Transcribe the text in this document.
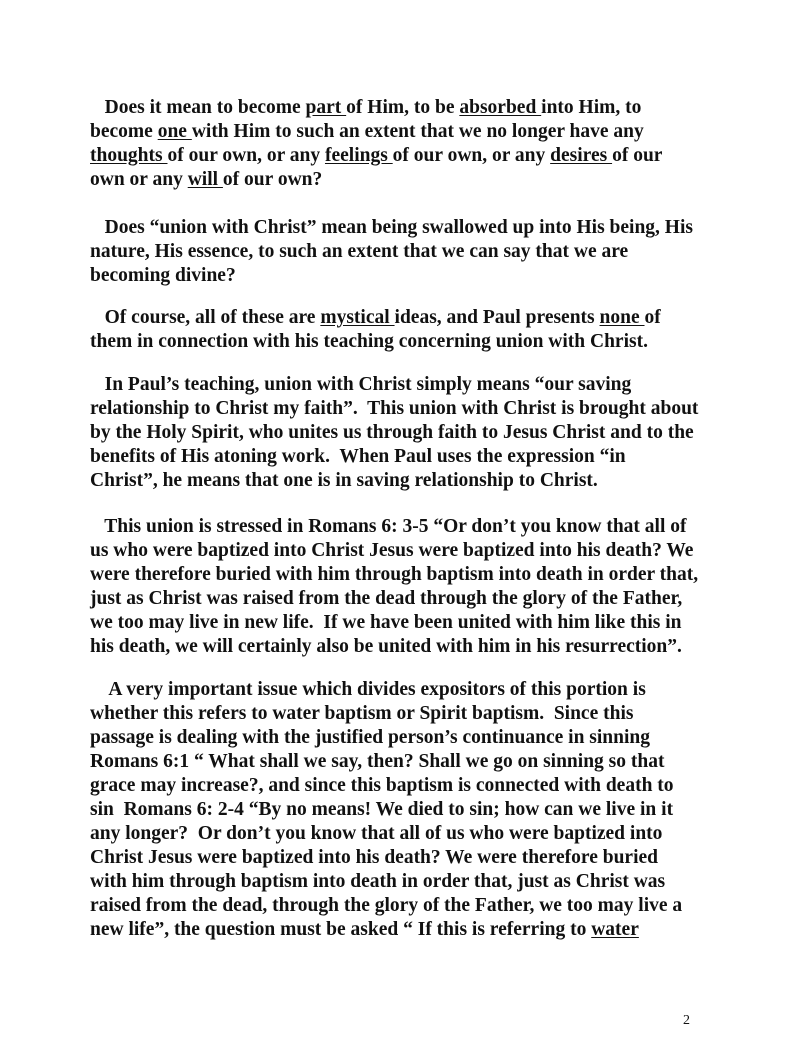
Does it mean to become part of Him, to be absorbed into Him, to
become one with Him to such an extent that we no longer have any
thoughts of our own, or any feelings of our own, or any desires of our
own or any will of our own?
Does “union with Christ” mean being swallowed up into His being, His
nature, His essence, to such an extent that we can say that we are
becoming divine?
Of course, all of these are mystical ideas, and Paul presents none of
them in connection with his teaching concerning union with Christ.
In Paul’s teaching, union with Christ simply means “our saving
relationship to Christ my faith”.  This union with Christ is brought about
by the Holy Spirit, who unites us through faith to Jesus Christ and to the
benefits of His atoning work.  When Paul uses the expression “in
Christ”, he means that one is in saving relationship to Christ.
This union is stressed in Romans 6: 3-5 “Or don’t you know that all of
us who were baptized into Christ Jesus were baptized into his death? We
were therefore buried with him through baptism into death in order that,
just as Christ was raised from the dead through the glory of the Father,
we too may live in new life.  If we have been united with him like this in
his death, we will certainly also be united with him in his resurrection”.
A very important issue which divides expositors of this portion is
whether this refers to water baptism or Spirit baptism.  Since this
passage is dealing with the justified person’s continuance in sinning
Romans 6:1 “ What shall we say, then? Shall we go on sinning so that
grace may increase?, and since this baptism is connected with death to
sin  Romans 6: 2-4 “By no means! We died to sin; how can we live in it
any longer?  Or don’t you know that all of us who were baptized into
Christ Jesus were baptized into his death? We were therefore buried
with him through baptism into death in order that, just as Christ was
raised from the dead, through the glory of the Father, we too may live a
new life”, the question must be asked “ If this is referring to water
2
